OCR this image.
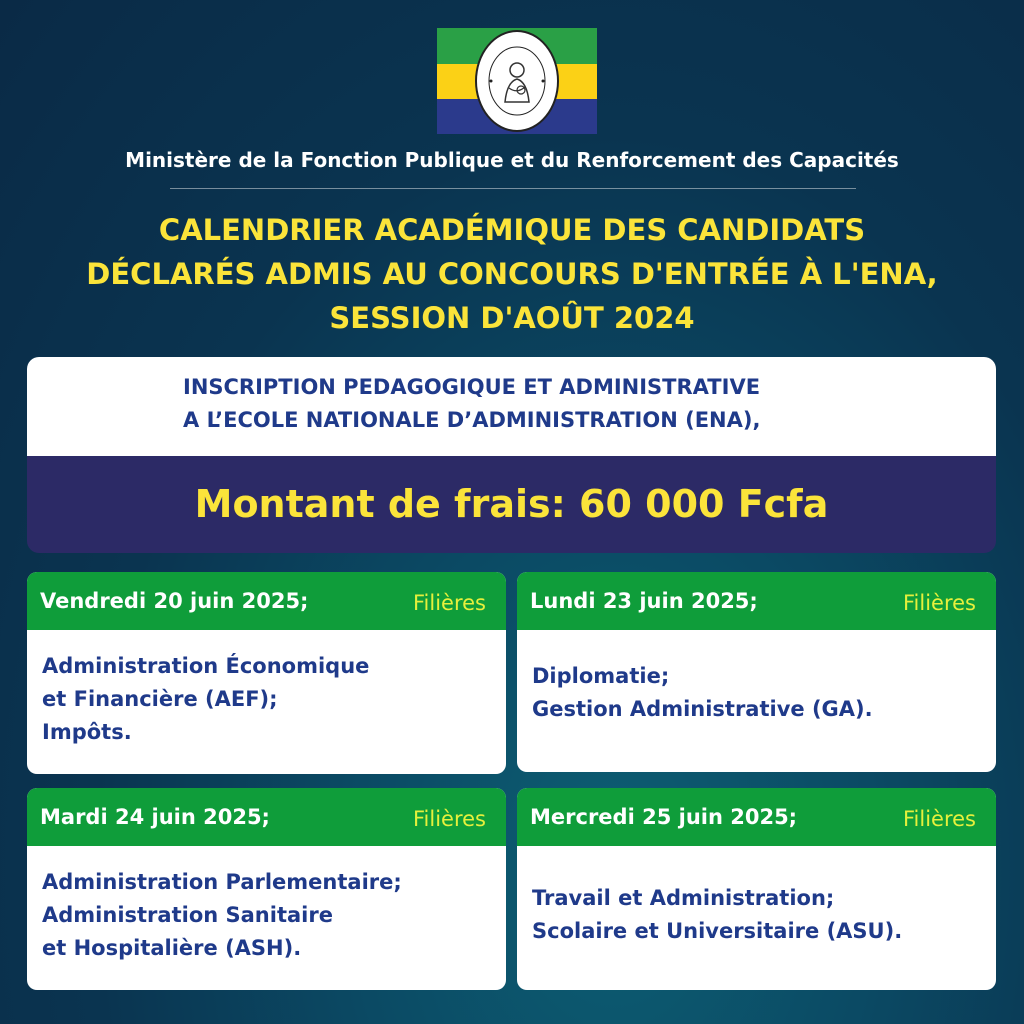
Ministère de la Fonction Publique et du Renforcement des Capacités
CALENDRIER ACADÉMIQUE DES CANDIDATS
DÉCLARÉS ADMIS AU CONCOURS D'ENTRÉE À L'ENA,
SESSION D'AOÛT 2024
INSCRIPTION PEDAGOGIQUE ET ADMINISTRATIVE
A L’ECOLE NATIONALE D’ADMINISTRATION (ENA),
Montant de frais: 60 000 Fcfa
Vendredi 20 juin 2025;	Filières
Administration Économique
et Financière (AEF);
Impôts.
Lundi 23 juin 2025;	Filières
Diplomatie;
Gestion Administrative (GA).
Mardi 24 juin 2025;	Filières
Administration Parlementaire;
Administration Sanitaire
et Hospitalière (ASH).
Mercredi 25 juin 2025;	Filières
Travail et Administration;
Scolaire et Universitaire (ASU).
